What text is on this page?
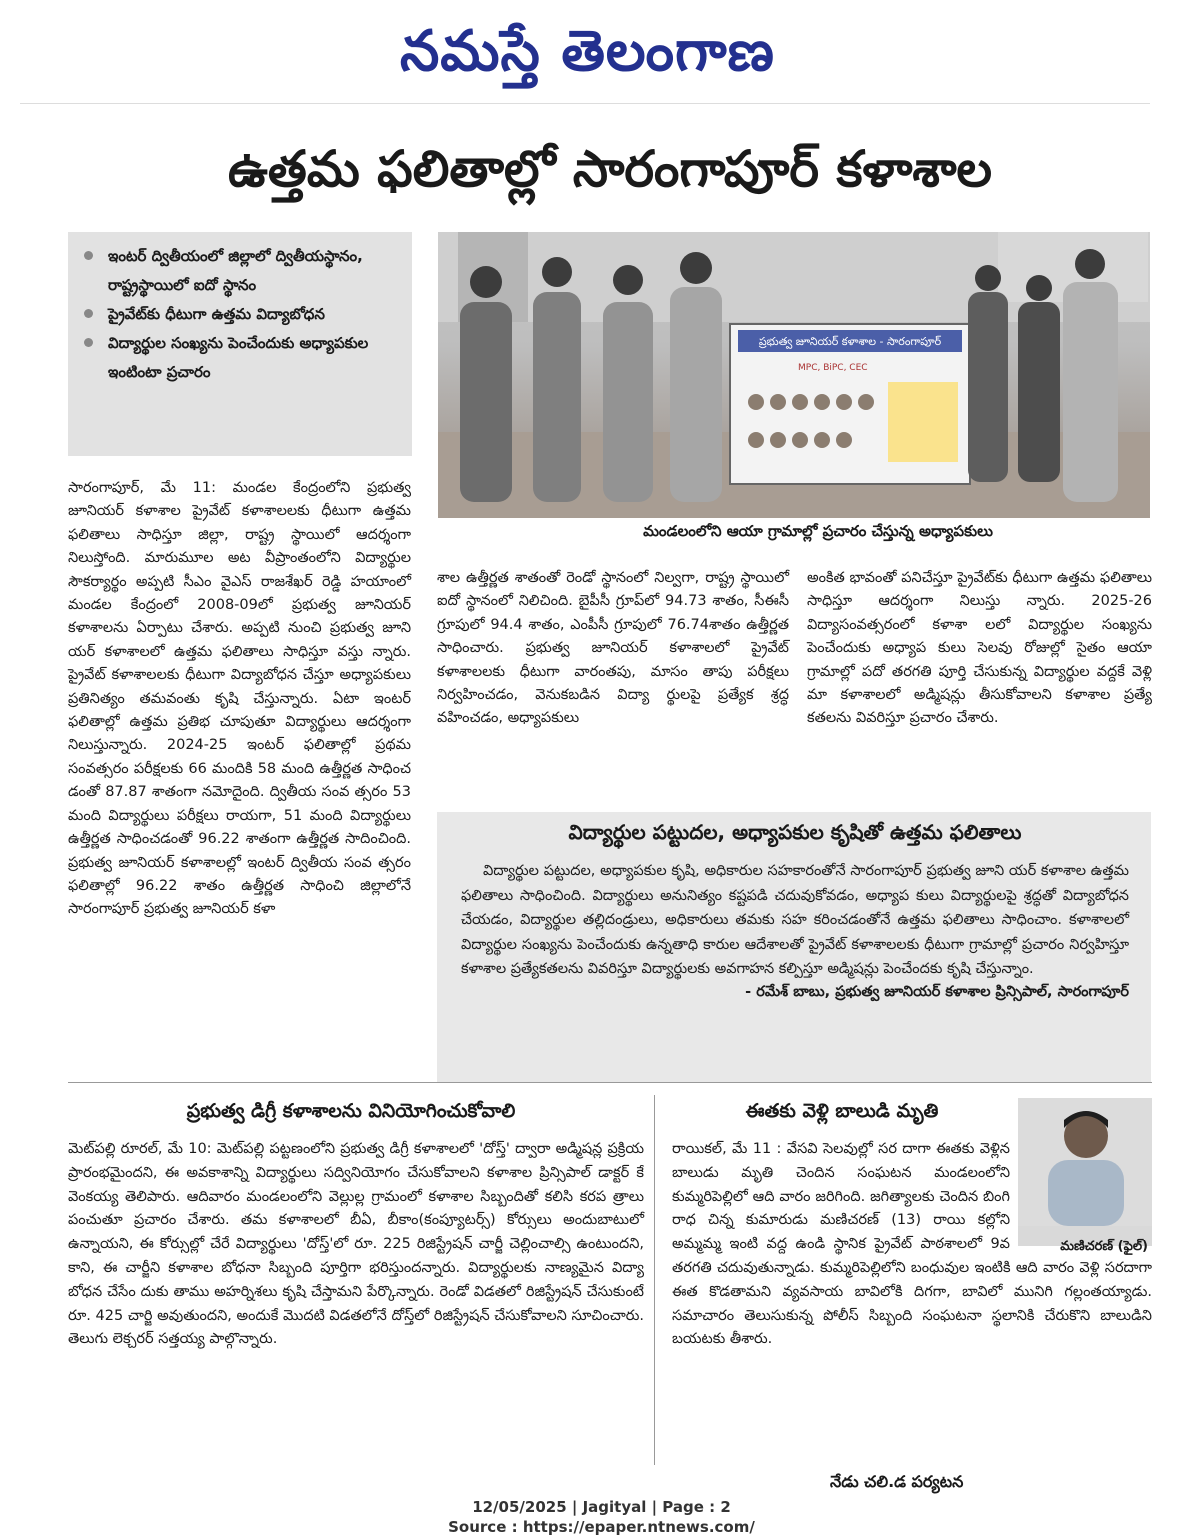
నమస్తే తెలంగాణ
ఉత్తమ ఫలితాల్లో సారంగాపూర్ కళాశాల
ఇంటర్ ద్వితీయంలో జిల్లాలో ద్వితీయస్థానం, రాష్ట్రస్థాయిలో ఐదో స్థానం
ప్రైవేట్‌కు ధీటుగా ఉత్తమ విద్యాబోధన
విద్యార్థుల సంఖ్యను పెంచేందుకు అధ్యాపకుల ఇంటింటా ప్రచారం
ప్రభుత్వ జూనియర్ కళాశాల - సారంగాపూర్
MPC, BiPC, CEC
మండలంలోని ఆయా గ్రామాల్లో ప్రచారం చేస్తున్న అధ్యాపకులు
సారంగాపూర్, మే 11: మండల కేంద్రంలోని ప్రభుత్వ జూనియర్ కళాశాల ప్రైవేట్ కళాశాలలకు ధీటుగా ఉత్తమ ఫలితాలు సాధిస్తూ జిల్లా, రాష్ట్ర స్థాయిలో ఆదర్శంగా నిలుస్తోంది. మారుమూల అట వీప్రాంతంలోని విద్యార్థుల సౌకర్యార్థం అప్పటి సీఎం వైఎస్ రాజశేఖర్ రెడ్డి హయాంలో మండల కేంద్రంలో 2008-09లో ప్రభుత్వ జూనియర్ కళాశాలను ఏర్పాటు చేశారు. అప్పటి నుంచి ప్రభుత్వ జూని యర్ కళాశాలలో ఉత్తమ ఫలితాలు సాధిస్తూ వస్తు న్నారు. ప్రైవేట్ కళాశాలలకు ధీటుగా విద్యాబోధన చేస్తూ అధ్యాపకులు ప్రతినిత్యం తమవంతు కృషి చేస్తున్నారు. ఏటా ఇంటర్ ఫలితాల్లో ఉత్తమ ప్రతిభ చూపుతూ విద్యార్థులు ఆదర్శంగా నిలుస్తున్నారు. 2024-25 ఇంటర్ ఫలితాల్లో ప్రథమ సంవత్సరం పరీక్షలకు 66 మందికి 58 మంది ఉత్తీర్ణత సాధించ డంతో 87.87 శాతంగా నమోదైంది. ద్వితీయ సంవ త్సరం 53 మంది విద్యార్థులు పరీక్షలు రాయగా, 51 మంది విద్యార్థులు ఉత్తీర్ణత సాధించడంతో 96.22 శాతంగా ఉత్తీర్ణత సాదించింది. ప్రభుత్వ జూనియర్ కళాశాలల్లో ఇంటర్ ద్వితీయ సంవ త్సరం ఫలితాల్లో 96.22 శాతం ఉత్తీర్ణత సాధించి జిల్లాలోనే సారంగాపూర్ ప్రభుత్వ జూనియర్ కళా
శాల ఉత్తీర్ణత శాతంతో రెండో స్థానంలో నిల్వగా, రాష్ట్ర స్థాయిలో ఐదో స్థానంలో నిలిచింది. బైపీసీ గ్రూప్‌లో 94.73 శాతం, సీఈసీ గ్రూపులో 94.4 శాతం, ఎంపీసీ గ్రూపులో 76.74శాతం ఉత్తీర్ణత సాధించారు. ప్రభుత్వ జూనియర్ కళాశాలలో ప్రైవేట్ కళాశాలలకు ధీటుగా వారంతపు, మాసం తాపు పరీక్షలు నిర్వహించడం, వెనుకబడిన విద్యా ర్థులపై ప్రత్యేక శ్రద్ధ వహించడం, అధ్యాపకులు
అంకిత భావంతో పనిచేస్తూ ప్రైవేట్‌కు ధీటుగా ఉత్తమ ఫలితాలు సాధిస్తూ ఆదర్శంగా నిలుస్తు న్నారు. 2025-26 విద్యాసంవత్సరంలో కళాశా లలో విద్యార్థుల సంఖ్యను పెంచేందుకు అధ్యాప కులు సెలవు రోజుల్లో సైతం ఆయా గ్రామాల్లో పదో తరగతి పూర్తి చేసుకున్న విద్యార్థుల వద్దకే వెళ్లి మా కళాశాలలో అడ్మిషన్లు తీసుకోవాలని కళాశాల ప్రత్యే కతలను వివరిస్తూ ప్రచారం చేశారు.
విద్యార్థుల పట్టుదల, అధ్యాపకుల కృషితో ఉత్తమ ఫలితాలు

విద్యార్థుల పట్టుదల, అధ్యాపకుల కృషి, అధికారుల సహకారంతోనే సారంగాపూర్ ప్రభుత్వ జూని యర్ కళాశాల ఉత్తమ ఫలితాలు సాధించింది. విద్యార్థులు అనునిత్యం కష్టపడి చదువుకోవడం, అధ్యాప కులు విద్యార్థులపై శ్రద్ధతో విద్యాబోధన చేయడం, విద్యార్థుల తల్లిదండ్రులు, అధికారులు తమకు సహ కరించడంతోనే ఉత్తమ ఫలితాలు సాధించాం. కళాశాలలో విద్యార్థుల సంఖ్యను పెంచేందుకు ఉన్నతాధి కారుల ఆదేశాలతో ప్రైవేట్ కళాశాలలకు ధీటుగా గ్రామాల్లో ప్రచారం నిర్వహిస్తూ కళాశాల ప్రత్యేకతలను వివరిస్తూ విద్యార్థులకు అవగాహన కల్పిస్తూ అడ్మిషన్లు పెంచేందకు కృషి చేస్తున్నాం.

- రమేశ్ బాబు, ప్రభుత్వ జూనియర్ కళాశాల ప్రిన్సిపాల్, సారంగాపూర్
ప్రభుత్వ డిగ్రీ కళాశాలను వినియోగించుకోవాలి
మెట్‌పల్లి రూరల్, మే 10: మెట్‌పల్లి పట్టణంలోని ప్రభుత్వ డిగ్రీ కళాశాలలో 'దోస్త్' ద్వారా అడ్మిషన్ల ప్రక్రియ ప్రారంభమైందని, ఈ అవకాశాన్ని విద్యార్థులు సద్వినియోగం చేసుకోవాలని కళాశాల ప్రిన్సిపాల్ డాక్టర్ కే వెంకయ్య తెలిపారు. ఆదివారం మండలంలోని వెల్లుల్ల గ్రామంలో కళాశాల సిబ్బందితో కలిసి కరప త్రాలు పంచుతూ ప్రచారం చేశారు. తమ కళాశాలలో బీఏ, బీకాం(కంప్యూటర్స్) కోర్సులు అందుబాటులో ఉన్నాయని, ఈ కోర్సుల్లో చేరే విద్యార్థులు 'దోస్త్'లో రూ. 225 రిజిస్ట్రేషన్ చార్జీ చెల్లించాల్సి ఉంటుందని, కాని, ఈ చార్జీని కళాశాల బోధనా సిబ్బంది పూర్తిగా భరిస్తుందన్నారు. విద్యార్థులకు నాణ్యమైన విద్యా బోధన చేసేం దుకు తాము అహర్నిశలు కృషి చేస్తామని పేర్కొన్నారు. రెండో విడతలో రిజిస్ట్రేషన్ చేసుకుంటే రూ. 425 చార్జి అవుతుందని, అందుకే మొదటి విడతలోనే దోస్త్‌లో రిజిస్ట్రేషన్ చేసుకోవాలని సూచించారు. తెలుగు లెక్చరర్ సత్తయ్య పాల్గొన్నారు.
ఈతకు వెళ్లి బాలుడి మృతి
మణిచరణ్ (ఫైల్)
రాయికల్, మే 11 : వేసవి సెలవుల్లో సర దాగా ఈతకు వెళ్లిన బాలుడు మృతి చెందిన సంఘటన మండలంలోని కుమ్మరిపెల్లిలో ఆది వారం జరిగింది. జగిత్యాలకు చెందిన బింగి రాధ చిన్న కుమారుడు మణిచరణ్ (13) రాయి కల్లోని అమ్మమ్మ ఇంటి వద్ద ఉండి స్థానిక ప్రైవేట్ పాఠశాలలో 9వ తరగతి చదువుతున్నాడు. కుమ్మరిపెల్లిలోని బంధువుల ఇంటికి ఆది వారం వెళ్లి సరదాగా ఈత కొడతామని వ్యవసాయ బావిలోకి దిగగా, బావిలో మునిగి గల్లంతయ్యాడు. సమాచారం తెలుసుకున్న పోలీస్ సిబ్బంది సంఘటనా స్థలానికి చేరుకొని బాలుడిని బయటకు తీశారు.
నేడు చలి.డ పర్యటన
12/05/2025 | Jagityal | Page : 2
Source : https://epaper.ntnews.com/
